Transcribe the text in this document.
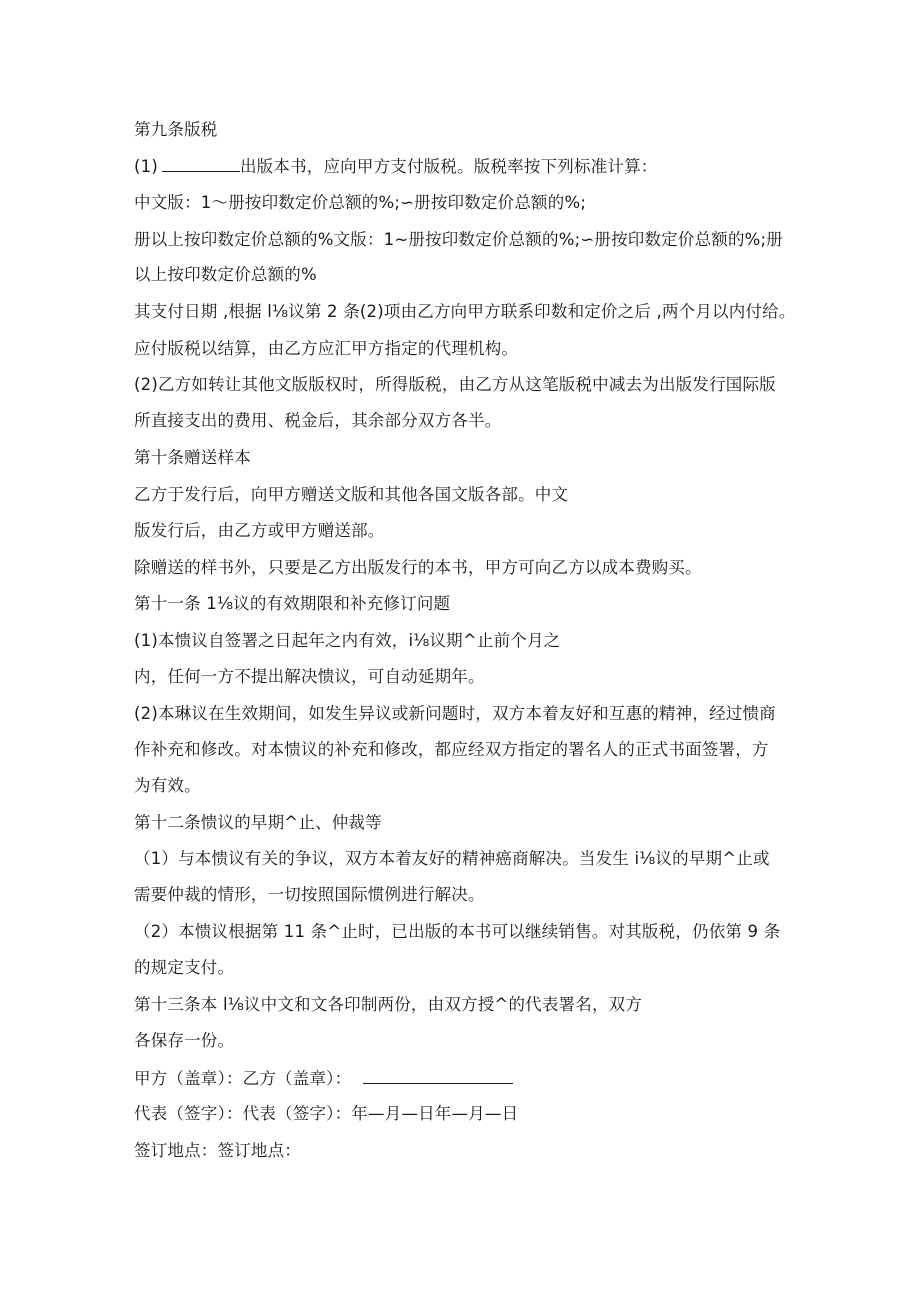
第九条版税
(1)	出版本书，应向甲方支付版税。版税率按下列标准计算：
中文版：1～册按印数定价总额的%;∽册按印数定价总额的%;
册以上按印数定价总额的%文版：1~册按印数定价总额的%;∽册按印数定价总额的%;册
以上按印数定价总额的%
其支付日期 ,根据 l⅛议第 2 条(2)项由乙方向甲方联系印数和定价之后 ,两个月以内付给。
应付版税以结算，由乙方应汇甲方指定的代理机构。
(2)乙方如转让其他文版版权时，所得版税，由乙方从这笔版税中减去为出版发行国际版
所直接支出的费用、税金后，其余部分双方各半。
第十条赠送样本
乙方于发行后，向甲方赠送文版和其他各国文版各部。中文
版发行后，由乙方或甲方赠送部。
除赠送的样书外，只要是乙方出版发行的本书，甲方可向乙方以成本费购买。
第十一条 1⅛议的有效期限和补充修订问题
(1)本愦议自签署之日起年之内有效，i⅛议期^止前个月之
内，任何一方不提出解决愦议，可自动延期年。
(2)本琳议在生效期间，如发生异议或新问题时，双方本着友好和互惠的精神，经过愦商
作补充和修改。对本愦议的补充和修改，都应经双方指定的署名人的正式书面签署，方
为有效。
第十二条愦议的早期^止、仲裁等
（1）与本愦议有关的争议，双方本着友好的精神癌商解决。当发生 i⅛议的早期^止或
需要仲裁的情形，一切按照国际惯例进行解决。
（2）本愦议根据第 11 条^止时，已出版的本书可以继续销售。对其版税，仍依第 9 条
的规定支付。
第十三条本 l⅛议中文和文各印制两份，由双方授^的代表署名，双方
各保存一份。
甲方（盖章）：乙方（盖章）：
代表（签字）：代表（签字）：年—月—日年—月—日
签订地点：签订地点：
